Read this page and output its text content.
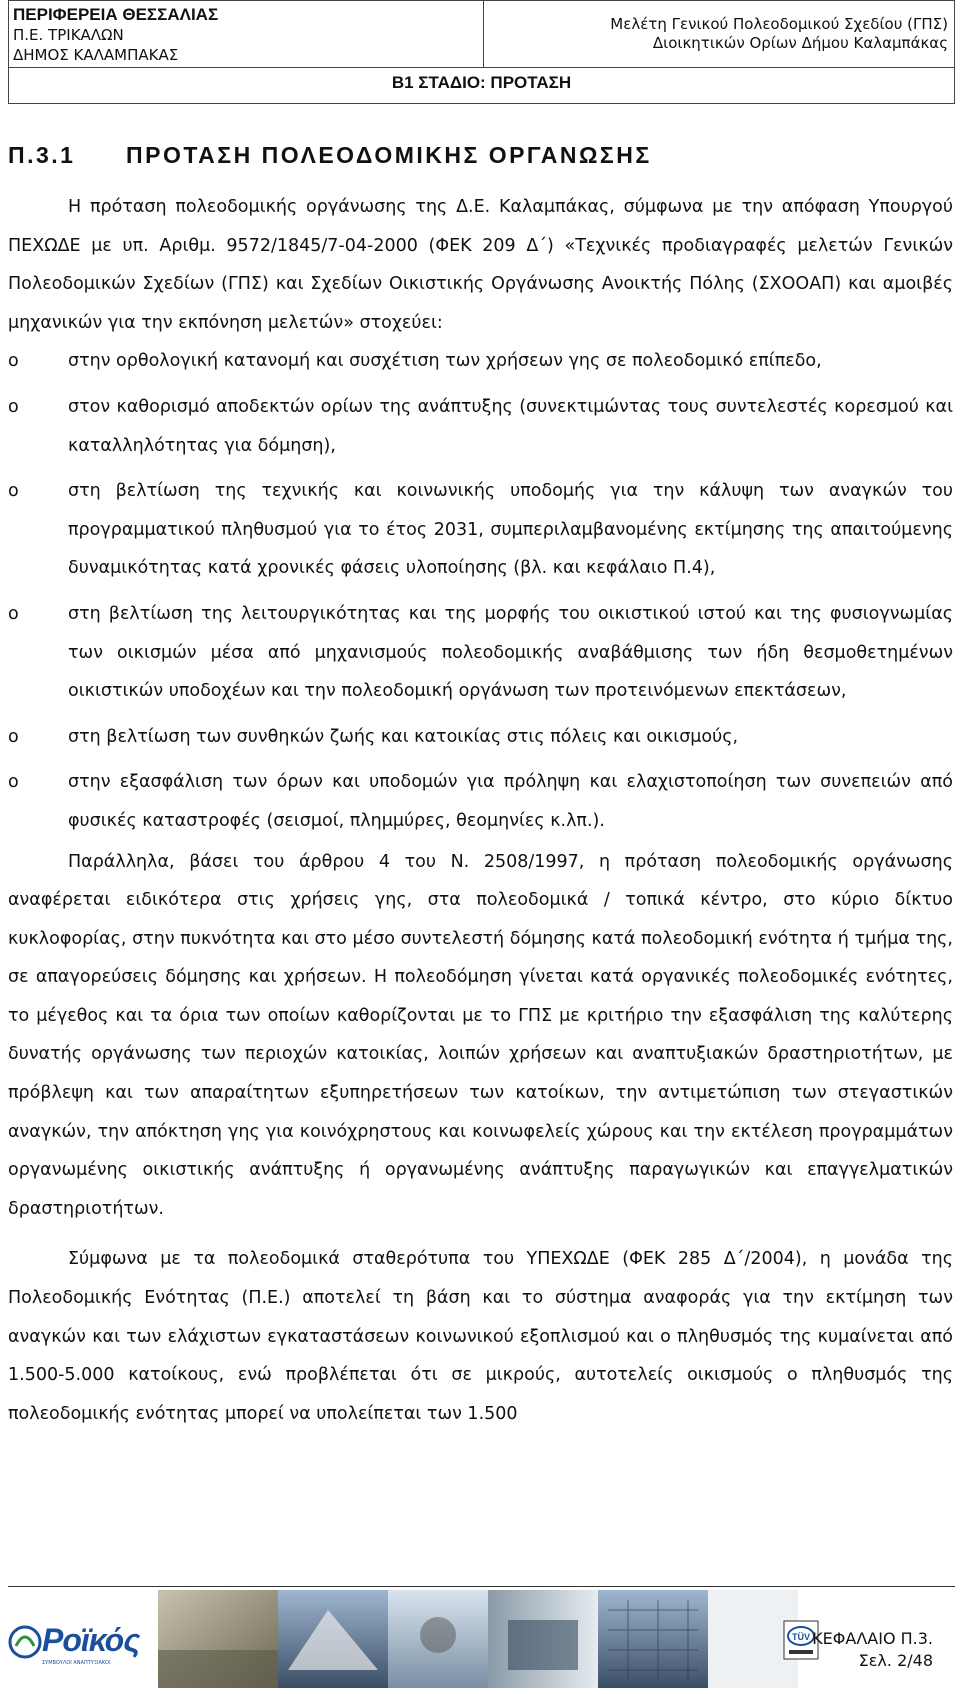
ΠΕΡΙΦΕΡΕΙΑ ΘΕΣΣΑΛΙΑΣ
Π.Ε. ΤΡΙΚΑΛΩΝ
ΔΗΜΟΣ ΚΑΛΑΜΠΑΚΑΣ
Μελέτη Γενικού Πολεοδομικού Σχεδίου (ΓΠΣ)
Διοικητικών Ορίων Δήμου Καλαμπάκας
Β1 ΣΤΑΔΙΟ: ΠΡΟΤΑΣΗ
Π.3.1 ΠΡΟΤΑΣΗ ΠΟΛΕΟΔΟΜΙΚΗΣ ΟΡΓΑΝΩΣΗΣ

Η πρόταση πολεοδομικής οργάνωσης της Δ.Ε. Καλαμπάκας, σύμφωνα με την απόφαση Υπουργού ΠΕΧΩΔΕ με υπ. Αριθμ. 9572/1845/7-04-2000 (ΦΕΚ 209 Δ΄) «Τεχνικές προδιαγραφές μελετών Γενικών Πολεοδομικών Σχεδίων (ΓΠΣ) και Σχεδίων Οικιστικής Οργάνωσης Ανοικτής Πόλης (ΣΧΟΟΑΠ) και αμοιβές μηχανικών για την εκπόνηση μελετών» στοχεύει:

o	στην ορθολογική κατανομή και συσχέτιση των χρήσεων γης σε πολεοδομικό επίπεδο,
o	στον καθορισμό αποδεκτών ορίων της ανάπτυξης (συνεκτιμώντας τους συντελεστές κορεσμού και καταλληλότητας για δόμηση),
o	στη βελτίωση της τεχνικής και κοινωνικής υποδομής για την κάλυψη των αναγκών του προγραμματικού πληθυσμού για το έτος 2031, συμπεριλαμβανομένης εκτίμησης της απαιτούμενης δυναμικότητας κατά χρονικές φάσεις υλοποίησης (βλ. και κεφάλαιο Π.4),
o	στη βελτίωση της λειτουργικότητας και της μορφής του οικιστικού ιστού και της φυσιογνωμίας των οικισμών μέσα από μηχανισμούς πολεοδομικής αναβάθμισης των ήδη θεσμοθετημένων οικιστικών υποδοχέων και την πολεοδομική οργάνωση των προτεινόμενων επεκτάσεων,
o	στη βελτίωση των συνθηκών ζωής και κατοικίας στις πόλεις και οικισμούς,
o	στην εξασφάλιση των όρων και υποδομών για πρόληψη και ελαχιστοποίηση των συνεπειών από φυσικές καταστροφές (σεισμοί, πλημμύρες, θεομηνίες κ.λπ.).

Παράλληλα, βάσει του άρθρου 4 του Ν. 2508/1997, η πρόταση πολεοδομικής οργάνωσης αναφέρεται ειδικότερα στις χρήσεις γης, στα πολεοδομικά / τοπικά κέντρο, στο κύριο δίκτυο κυκλοφορίας, στην πυκνότητα και στο μέσο συντελεστή δόμησης κατά πολεοδομική ενότητα ή τμήμα της, σε απαγορεύσεις δόμησης και χρήσεων. Η πολεοδόμηση γίνεται κατά οργανικές πολεοδομικές ενότητες, το μέγεθος και τα όρια των οποίων καθορίζονται με το ΓΠΣ με κριτήριο την εξασφάλιση της καλύτερης δυνατής οργάνωσης των περιοχών κατοικίας, λοιπών χρήσεων και αναπτυξιακών δραστηριοτήτων, με πρόβλεψη και των απαραίτητων εξυπηρετήσεων των κατοίκων, την αντιμετώπιση των στεγαστικών αναγκών, την απόκτηση γης για κοινόχρηστους και κοινωφελείς χώρους και την εκτέλεση προγραμμάτων οργανωμένης οικιστικής ανάπτυξης ή οργανωμένης ανάπτυξης παραγωγικών και επαγγελματικών δραστηριοτήτων.

Σύμφωνα με τα πολεοδομικά σταθερότυπα του ΥΠΕΧΩΔΕ (ΦΕΚ 285 Δ΄/2004), η μονάδα της Πολεοδομικής Ενότητας (Π.Ε.) αποτελεί τη βάση και το σύστημα αναφοράς για την εκτίμηση των αναγκών και των ελάχιστων εγκαταστάσεων κοινωνικού εξοπλισμού και ο πληθυσμός της κυμαίνεται από 1.500-5.000 κατοίκους, ενώ προβλέπεται ότι σε μικρούς, αυτοτελείς οικισμούς ο πληθυσμός της πολεοδομικής ενότητας μπορεί να υπολείπεται των 1.500

Ροϊκός
ΣΥΜΒΟΥΛΟΙ ΑΝΑΠΤΥΞΙΑΚΟΙ
TÜV ΚΕΦΑΛΑΙΟ Π.3.
Σελ. 2/48
